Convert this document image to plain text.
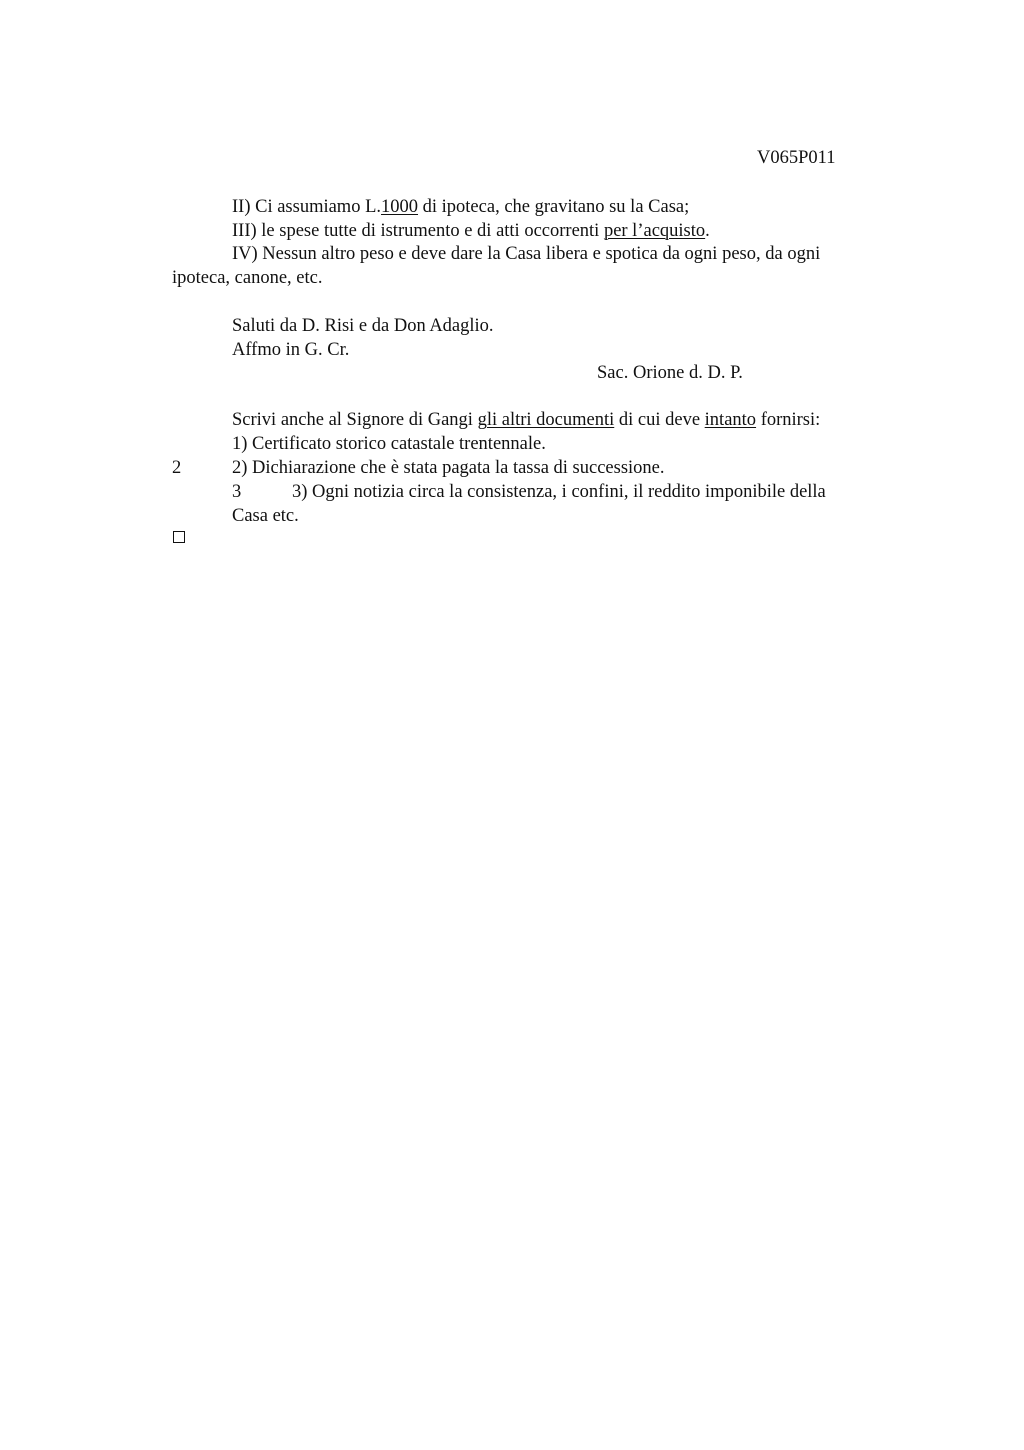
V065P011
II) Ci assumiamo L.1000 di ipoteca, che gravitano su la Casa;
III) le spese tutte di istrumento e di atti occorrenti per l’acquisto.
IV) Nessun altro peso e deve dare la Casa libera e spotica da ogni peso, da ogni
ipoteca, canone, etc.
Saluti da D. Risi e da Don Adaglio.
Affmo in G. Cr.
Sac. Orione d. D. P.
Scrivi anche al Signore di Gangi gli altri documenti di cui deve intanto fornirsi:
1) Certificato storico catastale trentennale.
2	2) Dichiarazione che è stata pagata la tassa di successione.
3	3) Ogni notizia circa la consistenza, i confini, il reddito imponibile della
Casa etc.
